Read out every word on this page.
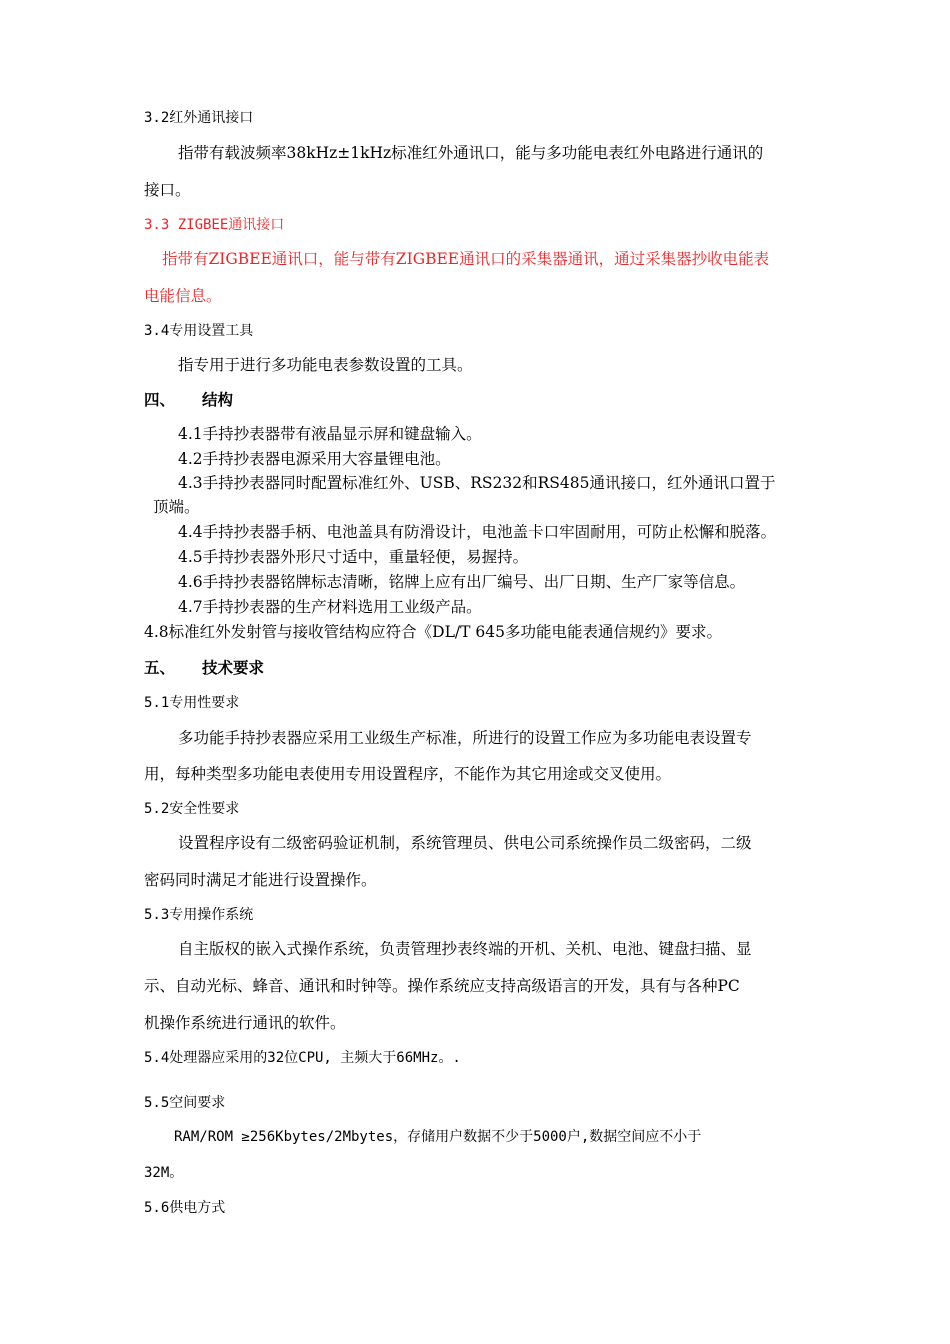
3.2红外通讯接口
指带有载波频率38kHz±1kHz标准红外通讯口，能与多功能电表红外电路进行通讯的
接口。
3.3 ZIGBEE通讯接口
指带有ZIGBEE通讯口，能与带有ZIGBEE通讯口的采集器通讯，通过采集器抄收电能表
电能信息。
3.4专用设置工具
指专用于进行多功能电表参数设置的工具。
四、 结构
4.1手持抄表器带有液晶显示屏和键盘输入。
4.2手持抄表器电源采用大容量锂电池。
4.3手持抄表器同时配置标准红外、USB、RS232和RS485通讯接口，红外通讯口置于
顶端。
4.4手持抄表器手柄、电池盖具有防滑设计，电池盖卡口牢固耐用，可防止松懈和脱落。
4.5手持抄表器外形尺寸适中，重量轻便，易握持。
4.6手持抄表器铭牌标志清晰，铭牌上应有出厂编号、出厂日期、生产厂家等信息。
4.7手持抄表器的生产材料选用工业级产品。
4.8标准红外发射管与接收管结构应符合《DL/T 645多功能电能表通信规约》要求。
五、 技术要求
5.1专用性要求
多功能手持抄表器应采用工业级生产标准，所进行的设置工作应为多功能电表设置专
用，每种类型多功能电表使用专用设置程序，不能作为其它用途或交叉使用。
5.2安全性要求
设置程序设有二级密码验证机制，系统管理员、供电公司系统操作员二级密码，二级
密码同时满足才能进行设置操作。
5.3专用操作系统
自主版权的嵌入式操作系统，负责管理抄表终端的开机、关机、电池、键盘扫描、显
示、自动光标、蜂音、通讯和时钟等。操作系统应支持高级语言的开发，具有与各种PC
机操作系统进行通讯的软件。
5.4处理器应采用的32位CPU, 主频大于66MHz。.
5.5空间要求
RAM/ROM ≥256Kbytes/2Mbytes，存储用户数据不少于5000户,数据空间应不小于
32M。
5.6供电方式
